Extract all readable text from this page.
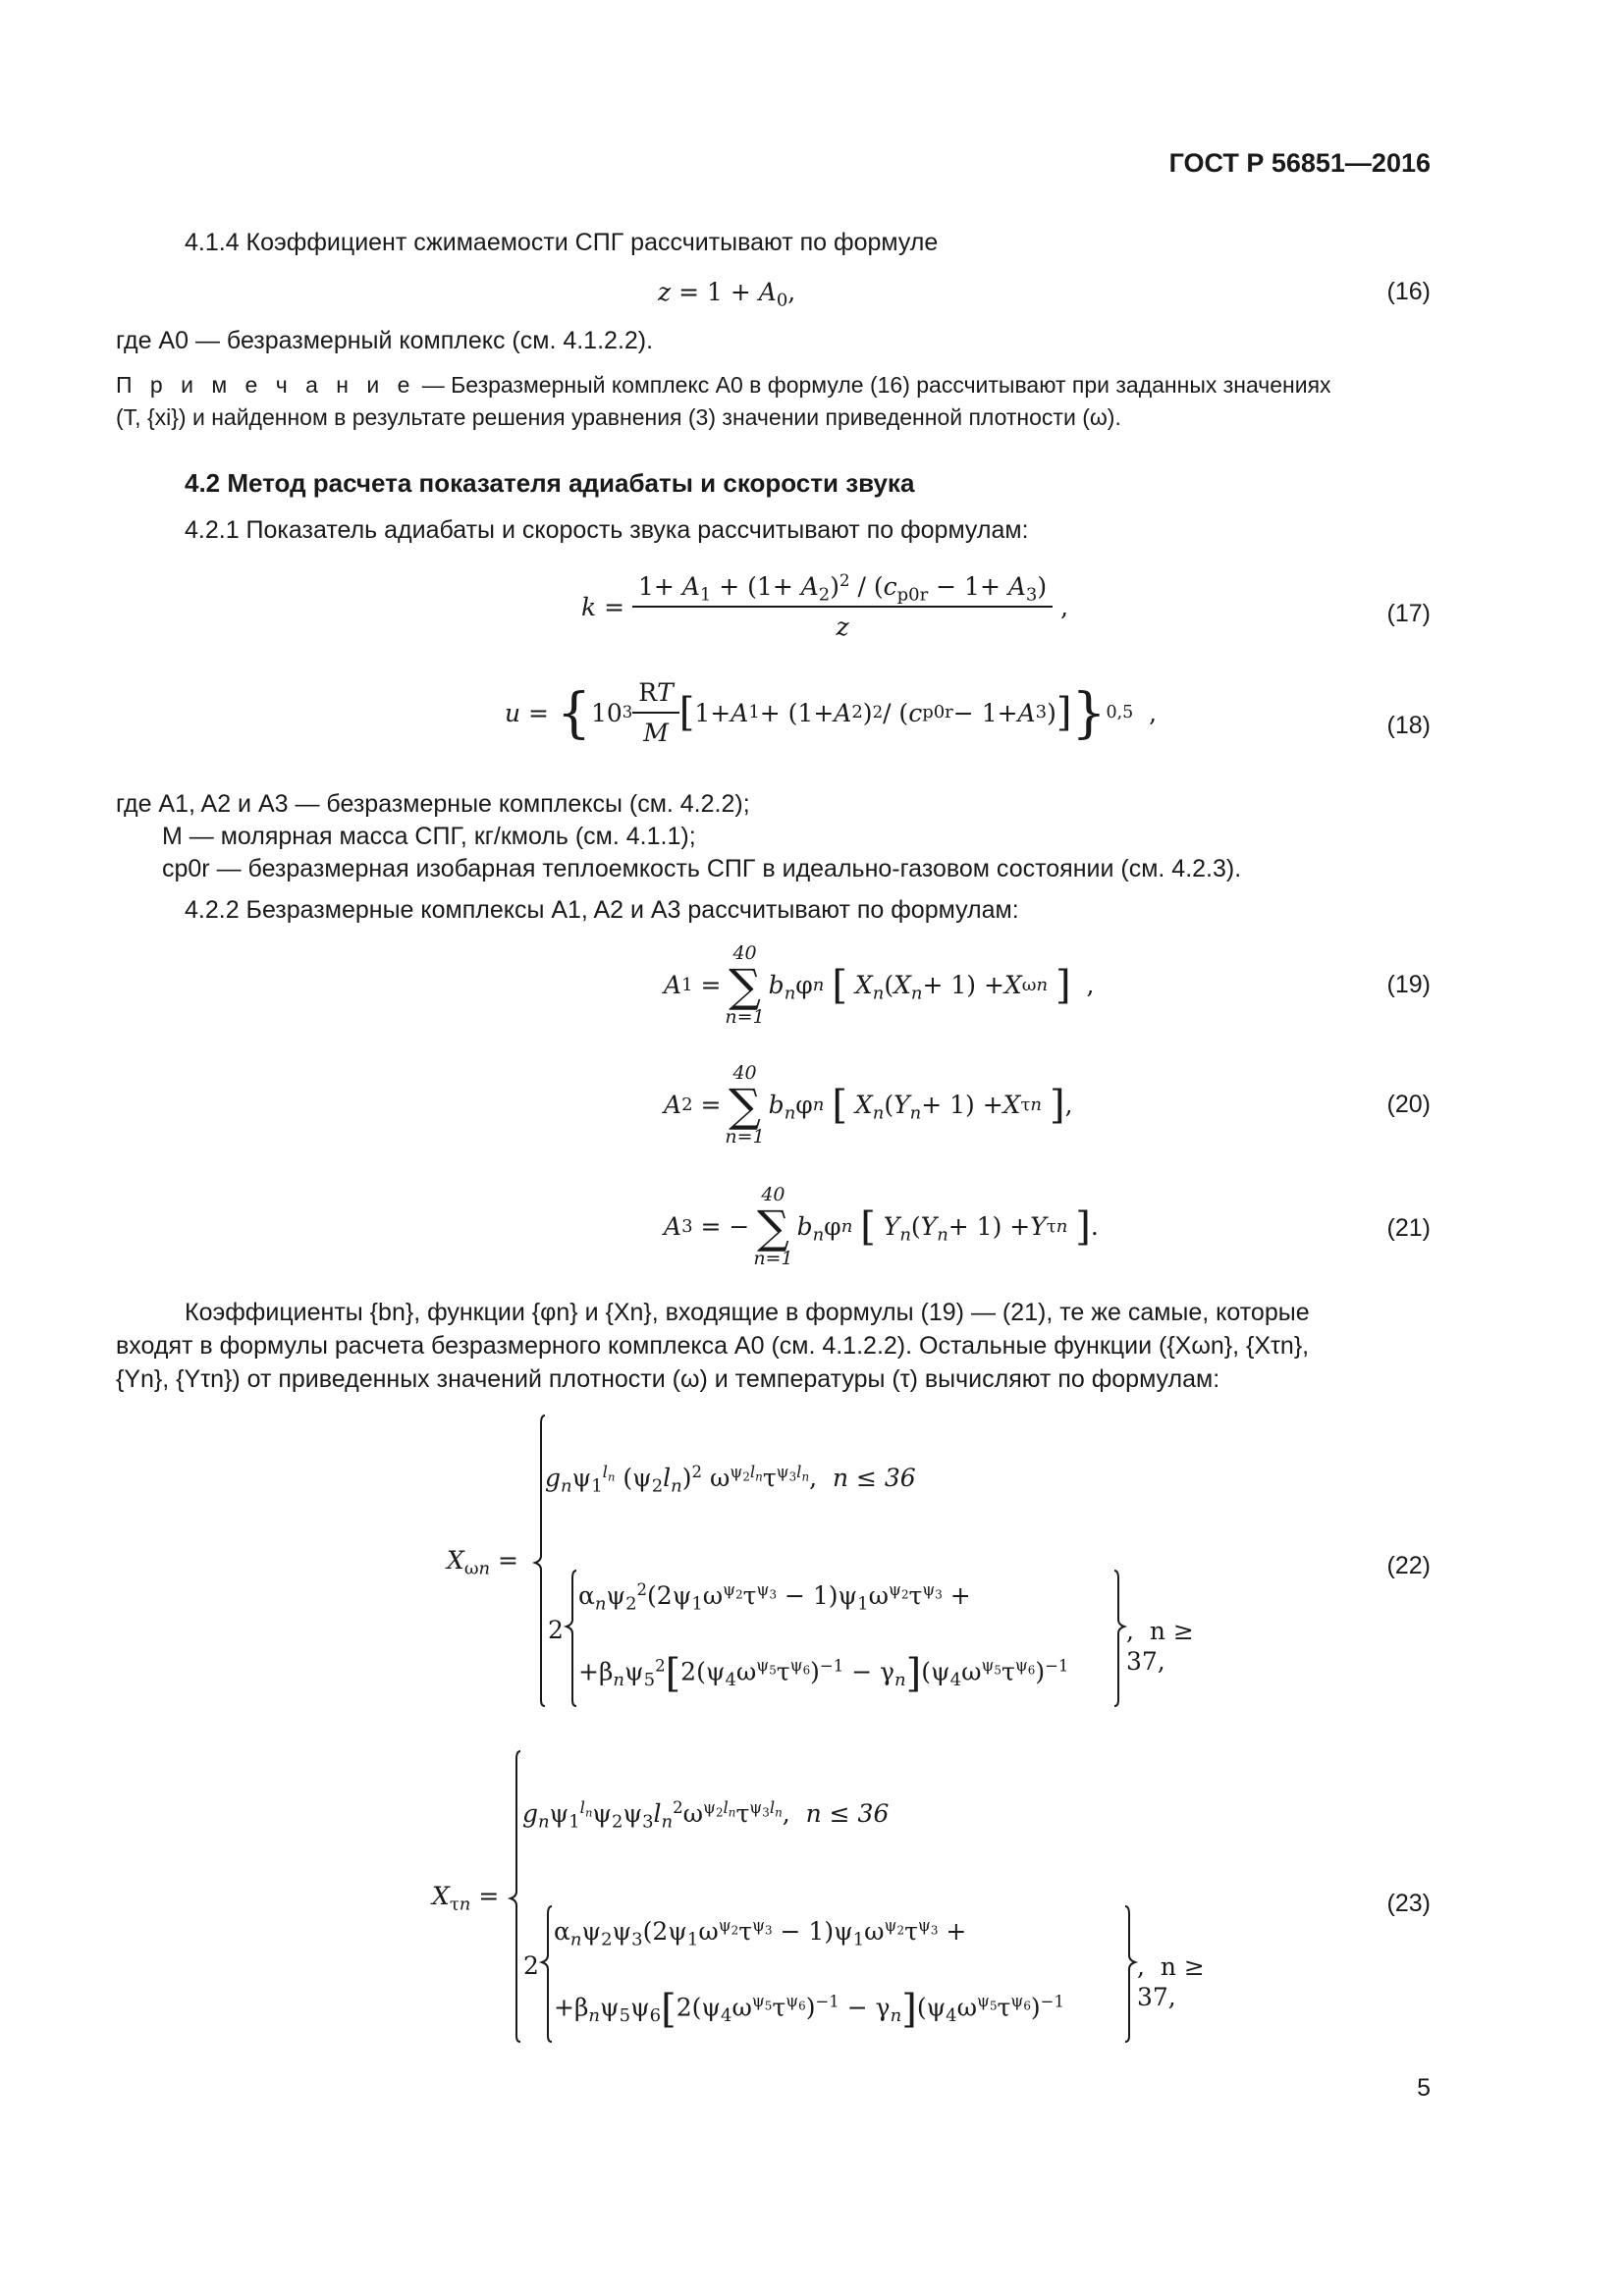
ГОСТ Р 56851—2016
4.1.4 Коэффициент сжимаемости СПГ рассчитывают по формуле
$z = 1 + A_0$,	(16)
где A0 — безразмерный комплекс (см. 4.1.2.2).
П р и м е ч а н и е — Безразмерный комплекс A0 в формуле (16) рассчитывают при заданных значениях
(T, {xi}) и найденном в результате решения уравнения (3) значении приведенной плотности (ω).
4.2 Метод расчета показателя адиабаты и скорости звука
4.2.1 Показатель адиабаты и скорость звука рассчитывают по формулам:
$k = \frac{1+ A_1 + (1+ A_2)^2 / (c_{p0r} - 1+ A_3)}{z}$ ,	(17)
u = { 10 $3 \frac{RT}{M}$ [ 1+ A 1 + (1+ A 2 ) 2 / ( c p0r − 1+ A 3 ) ] } 0,5 ,	(18)
где A1, A2 и A3 — безразмерные комплексы (см. 4.2.2);
M — молярная масса СПГ, кг/кмоль (см. 4.1.1);
cp0r — безразмерная изобарная теплоемкость СПГ в идеально-газовом состоянии (см. 4.2.3).
4.2.2 Безразмерные комплексы A1, A2 и A3 рассчитывают по формулам:
A 1 =
40
∑
n=1
$b_n$ φ n
[
$X_n$ ( $X_n + 1) + X$ ωn
] ,	(19)
A 2 =
40
∑
n=1
$b_n$ φ n
[
$X_n$ ( $Y_n + 1) + X$ τn
] ,	(20)
A 3 = −
40
∑
n=1
$b_n$ φ n
[
$Y_n$ ( $Y_n + 1) + Y$ τn
] .	(21)
Коэффициенты {bn}, функции {φn} и {Xn}, входящие в формулы (19) — (21), те же самые, которые
входят в формулы расчета безразмерного комплекса A0 (см. 4.1.2.2). Остальные функции ({Xωn}, {Xτn},
{Yn}, {Yτn}) от приведенных значений плотности (ω) и температуры (τ) вычисляют по формулам:
$X_{\omega n}$ =
$g_n\psi_1^{l_n}$ $(\psi_2l_n)^2$ $\omega^{\psi_2l_n}\tau^{\psi_3l_n}$,  n ≤ 36
2
$\alpha_n\psi_2^2(2\psi_1\omega^{\psi_2}\tau^{\psi_3} - 1)\psi_1\omega^{\psi_2}\tau^{\psi_3}$ +
$+\beta_n\psi_5^2[2(\psi_4\omega^{\psi_5}\tau^{\psi_6})^{-1} - \gamma_n](\psi_4\omega^{\psi_5}\tau^{\psi_6})^{-1}$
,  n ≥ 37,
(22)
$X_{\tau n}$ =
$g_n\psi_1^{l_n}\psi_2\psi_3l_n^2\omega^{\psi_2l_n}\tau^{\psi_3l_n}$,  n ≤ 36
2
$\alpha_n\psi_2\psi_3(2\psi_1\omega^{\psi_2}\tau^{\psi_3} - 1)\psi_1\omega^{\psi_2}\tau^{\psi_3}$ +
$+\beta_n\psi_5\psi_6[2(\psi_4\omega^{\psi_5}\tau^{\psi_6})^{-1} - \gamma_n](\psi_4\omega^{\psi_5}\tau^{\psi_6})^{-1}$
,  n ≥ 37,
(23)
5
